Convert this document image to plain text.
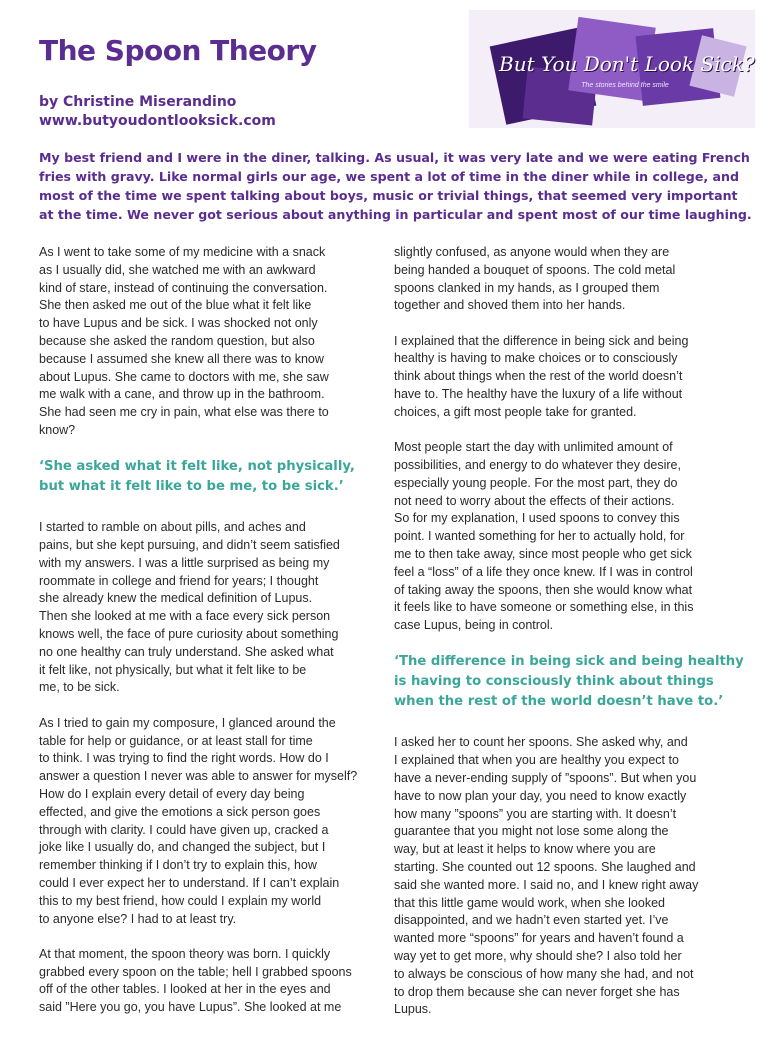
The Spoon Theory
by Christine Miserandino
www.butyoudontlooksick.com
But You Don't Look Sick?
The stories behind the smile
My best friend and I were in the diner, talking. As usual, it was very late and we were eating French
fries with gravy. Like normal girls our age, we spent a lot of time in the diner while in college, and
most of the time we spent talking about boys, music or trivial things, that seemed very important
at the time. We never got serious about anything in particular and spent most of our time laughing.
As I went to take some of my medicine with a snack
as I usually did, she watched me with an awkward
kind of stare, instead of continuing the conversation.
She then asked me out of the blue what it felt like
to have Lupus and be sick. I was shocked not only
because she asked the random question, but also
because I assumed she knew all there was to know
about Lupus. She came to doctors with me, she saw
me walk with a cane, and throw up in the bathroom.
She had seen me cry in pain, what else was there to
know?
‘She asked what it felt like, not physically,
but what it felt like to be me, to be sick.’
I started to ramble on about pills, and aches and
pains, but she kept pursuing, and didn’t seem satisfied
with my answers. I was a little surprised as being my
roommate in college and friend for years; I thought
she already knew the medical definition of Lupus.
Then she looked at me with a face every sick person
knows well, the face of pure curiosity about something
no one healthy can truly understand. She asked what
it felt like, not physically, but what it felt like to be
me, to be sick.
As I tried to gain my composure, I glanced around the
table for help or guidance, or at least stall for time
to think. I was trying to find the right words. How do I
answer a question I never was able to answer for myself?
How do I explain every detail of every day being
effected, and give the emotions a sick person goes
through with clarity. I could have given up, cracked a
joke like I usually do, and changed the subject, but I
remember thinking if I don’t try to explain this, how
could I ever expect her to understand. If I can’t explain
this to my best friend, how could I explain my world
to anyone else? I had to at least try.
At that moment, the spoon theory was born. I quickly
grabbed every spoon on the table; hell I grabbed spoons
off of the other tables. I looked at her in the eyes and
said ”Here you go, you have Lupus”. She looked at me
slightly confused, as anyone would when they are
being handed a bouquet of spoons. The cold metal
spoons clanked in my hands, as I grouped them
together and shoved them into her hands.
I explained that the difference in being sick and being
healthy is having to make choices or to consciously
think about things when the rest of the world doesn’t
have to. The healthy have the luxury of a life without
choices, a gift most people take for granted.
Most people start the day with unlimited amount of
possibilities, and energy to do whatever they desire,
especially young people. For the most part, they do
not need to worry about the effects of their actions.
So for my explanation, I used spoons to convey this
point. I wanted something for her to actually hold, for
me to then take away, since most people who get sick
feel a “loss” of a life they once knew. If I was in control
of taking away the spoons, then she would know what
it feels like to have someone or something else, in this
case Lupus, being in control.
‘The difference in being sick and being healthy
is having to consciously think about things
when the rest of the world doesn’t have to.’
I asked her to count her spoons. She asked why, and
I explained that when you are healthy you expect to
have a never-ending supply of ”spoons”. But when you
have to now plan your day, you need to know exactly
how many ”spoons” you are starting with. It doesn’t
guarantee that you might not lose some along the
way, but at least it helps to know where you are
starting. She counted out 12 spoons. She laughed and
said she wanted more. I said no, and I knew right away
that this little game would work, when she looked
disappointed, and we hadn’t even started yet. I’ve
wanted more “spoons” for years and haven’t found a
way yet to get more, why should she? I also told her
to always be conscious of how many she had, and not
to drop them because she can never forget she has
Lupus.
